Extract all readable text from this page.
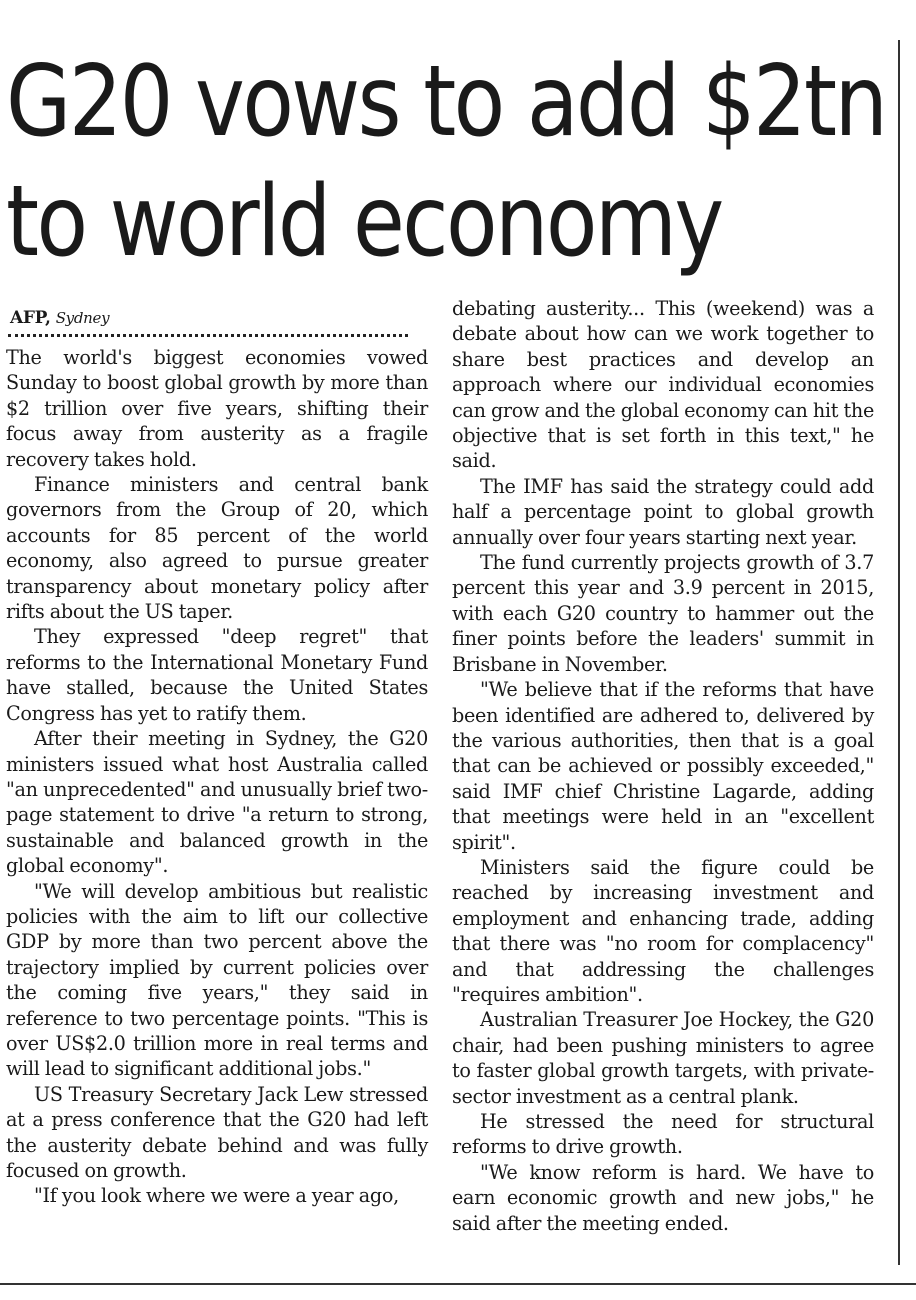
G20 vows to add $2tn
to world economy
AFP, Sydney

The world's biggest economies vowed Sunday to boost global growth by more than $2 trillion over five years, shifting their focus away from austerity as a fragile recovery takes hold.

Finance ministers and central bank governors from the Group of 20, which accounts for 85 percent of the world economy, also agreed to pursue greater transparency about monetary policy after rifts about the US taper.

They expressed "deep regret" that reforms to the International Monetary Fund have stalled, because the United States Congress has yet to ratify them.

After their meeting in Sydney, the G20 ministers issued what host Australia called "an unprecedented" and unusually brief two-page statement to drive "a return to strong, sustainable and balanced growth in the global economy".

"We will develop ambitious but realistic policies with the aim to lift our collective GDP by more than two percent above the trajectory implied by current policies over the coming five years," they said in reference to two percentage points. "This is over US$2.0 trillion more in real terms and will lead to significant additional jobs."

US Treasury Secretary Jack Lew stressed at a press conference that the G20 had left the austerity debate behind and was fully focused on growth.

"If you look where we were a year ago,

debating austerity... This (weekend) was a debate about how can we work together to share best practices and develop an approach where our individual economies can grow and the global economy can hit the objective that is set forth in this text," he said.

The IMF has said the strategy could add half a percentage point to global growth annually over four years starting next year.

The fund currently projects growth of 3.7 percent this year and 3.9 percent in 2015, with each G20 country to hammer out the finer points before the leaders' summit in Brisbane in November.

"We believe that if the reforms that have been identified are adhered to, delivered by the various authorities, then that is a goal that can be achieved or possibly exceeded," said IMF chief Christine Lagarde, adding that meetings were held in an "excellent spirit".

Ministers said the figure could be reached by increasing investment and employment and enhancing trade, adding that there was "no room for complacency" and that addressing the challenges "requires ambition".

Australian Treasurer Joe Hockey, the G20 chair, had been pushing ministers to agree to faster global growth targets, with private-sector investment as a central plank.

He stressed the need for structural reforms to drive growth.

"We know reform is hard. We have to earn economic growth and new jobs," he said after the meeting ended.
